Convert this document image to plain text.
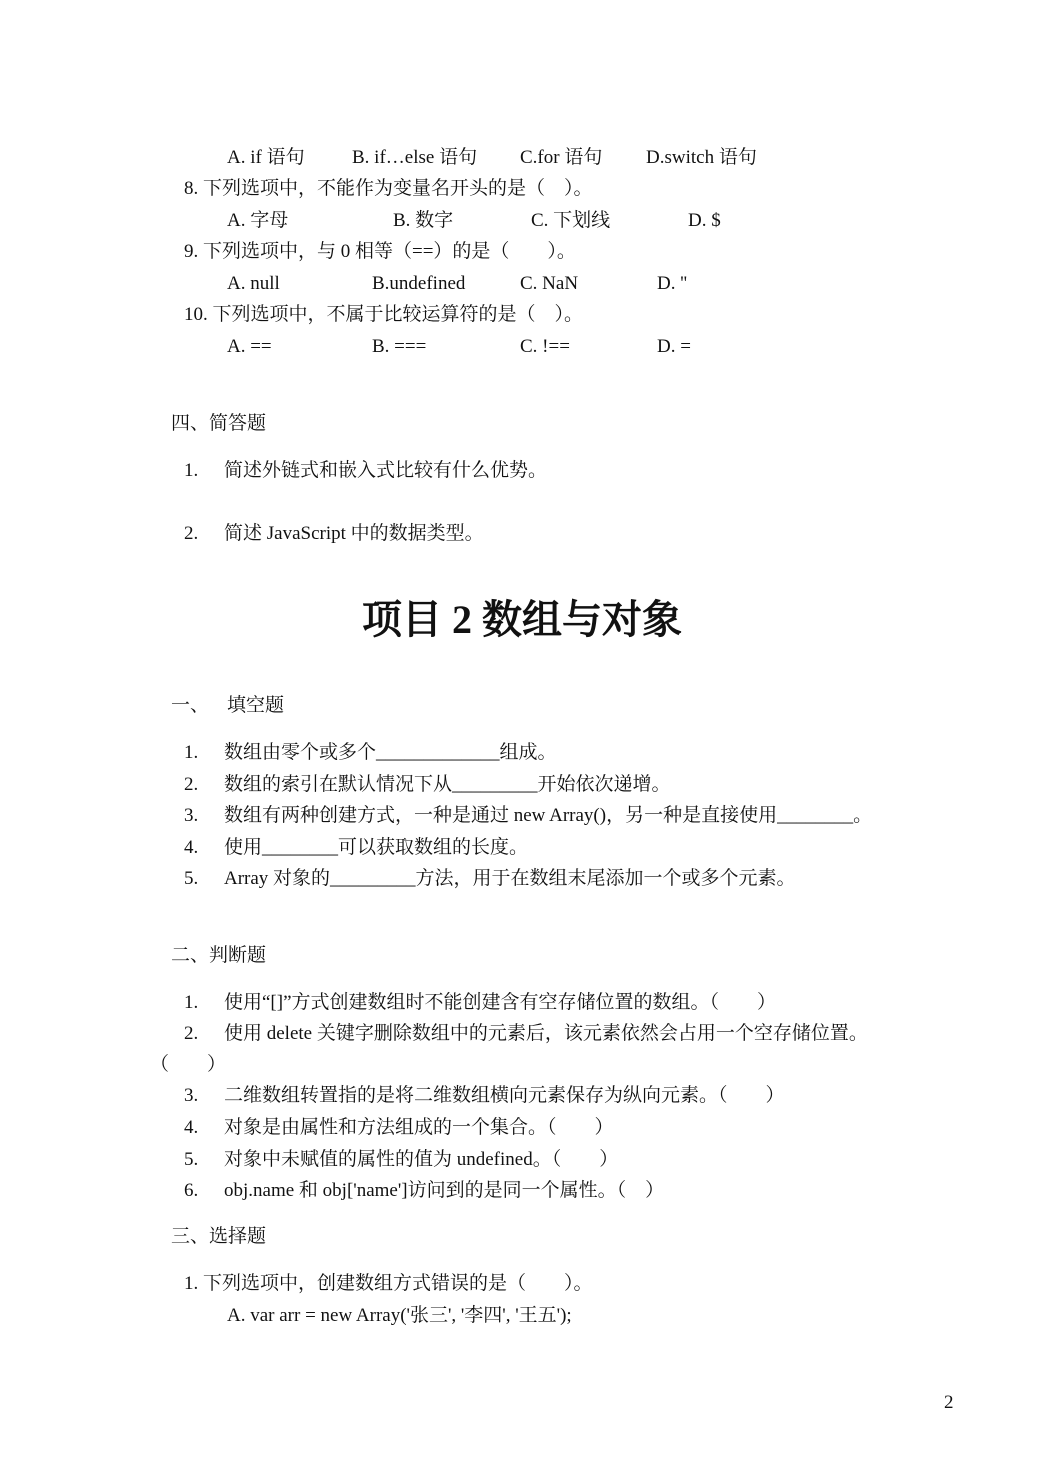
A. if 语句 B. if…else 语句 C.for 语句 D.switch 语句
8. 下列选项中，不能作为变量名开头的是（　）。
A. 字母	B. 数字	C. 下划线	D. $
9. 下列选项中，与 0 相等（==）的是（　　）。
A. null	B.undefined	C. NaN	D. ''
10. 下列选项中，不属于比较运算符的是（　）。
A. ==	B. ===	C. !==	D. =
四、简答题
1. 简述外链式和嵌入式比较有什么优势。
2. 简述 JavaScript 中的数据类型。
项目 2 数组与对象
一、 填空题
1. 数组由零个或多个_____________组成。
2. 数组的索引在默认情况下从_________开始依次递增。
3. 数组有两种创建方式，一种是通过 new Array()，另一种是直接使用________。
4. 使用________可以获取数组的长度。
5. Array 对象的_________方法，用于在数组末尾添加一个或多个元素。
二、判断题
1. 使用“[]”方式创建数组时不能创建含有空存储位置的数组。（　　）
2. 使用 delete 关键字删除数组中的元素后，该元素依然会占用一个空存储位置。
（　　）
3. 二维数组转置指的是将二维数组横向元素保存为纵向元素。（　　）
4. 对象是由属性和方法组成的一个集合。（　　）
5. 对象中未赋值的属性的值为 undefined。（　　）
6. obj.name 和 obj['name']访问到的是同一个属性。（　）
三、选择题
1. 下列选项中，创建数组方式错误的是（　　）。
A. var arr = new Array('张三', '李四', '王五');
2
